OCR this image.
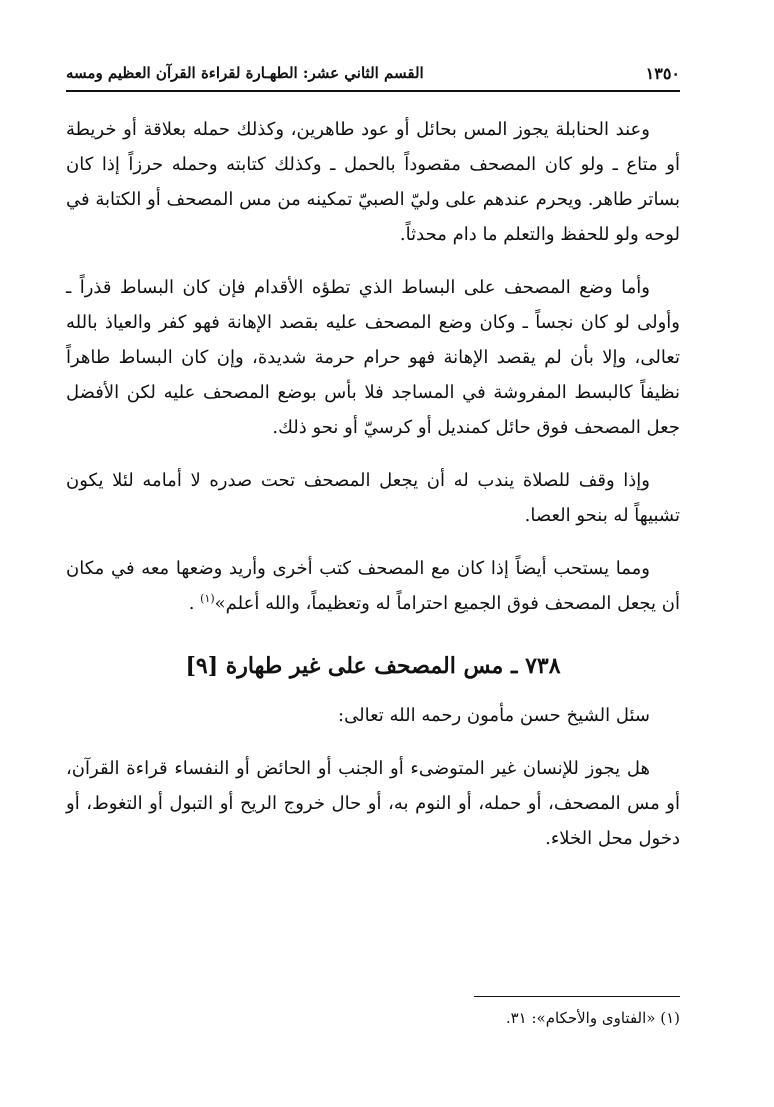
١٣٥٠
القسم الثاني عشر: الطهـارة لقراءة القرآن العظيم ومسه

وعند الحنابلة يجوز المس بحائل أو عود طاهرين، وكذلك حمله بعلاقة أو خريطة أو متاع ـ ولو كان المصحف مقصوداً بالحمل ـ وكذلك كتابته وحمله حرزاً إذا كان بساتر طاهر. ويحرم عندهم على وليّ الصبيّ تمكينه من مس المصحف أو الكتابة في لوحه ولو للحفظ والتعلم ما دام محدثاً.

وأما وضع المصحف على البساط الذي تطؤه الأقدام فإن كان البساط قذراً ـ وأولى لو كان نجساً ـ وكان وضع المصحف عليه بقصد الإهانة فهو كفر والعياذ بالله تعالى، وإلا بأن لم يقصد الإهانة فهو حرام حرمة شديدة، وإن كان البساط طاهراً نظيفاً كالبسط المفروشة في المساجد فلا بأس بوضع المصحف عليه لكن الأفضل جعل المصحف فوق حائل كمنديل أو كرسيّ أو نحو ذلك.

وإذا وقف للصلاة يندب له أن يجعل المصحف تحت صدره لا أمامه لئلا يكون تشبيهاً له بنحو العصا.

ومما يستحب أيضاً إذا كان مع المصحف كتب أخرى وأريد وضعها معه في مكان أن يجعل المصحف فوق الجميع احتراماً له وتعظيماً، والله أعلم»$^{(١)}$ .

٧٣٨ ـ مس المصحف على غير طهارة [٩]

سئل الشيخ حسن مأمون رحمه الله تعالى:

هل يجوز للإنسان غير المتوضىء أو الجنب أو الحائض أو النفساء قراءة القرآن، أو مس المصحف، أو حمله، أو النوم به، أو حال خروج الريح أو التبول أو التغوط، أو دخول محل الخلاء.

(١) «الفتاوى والأحكام»: ٣١.
